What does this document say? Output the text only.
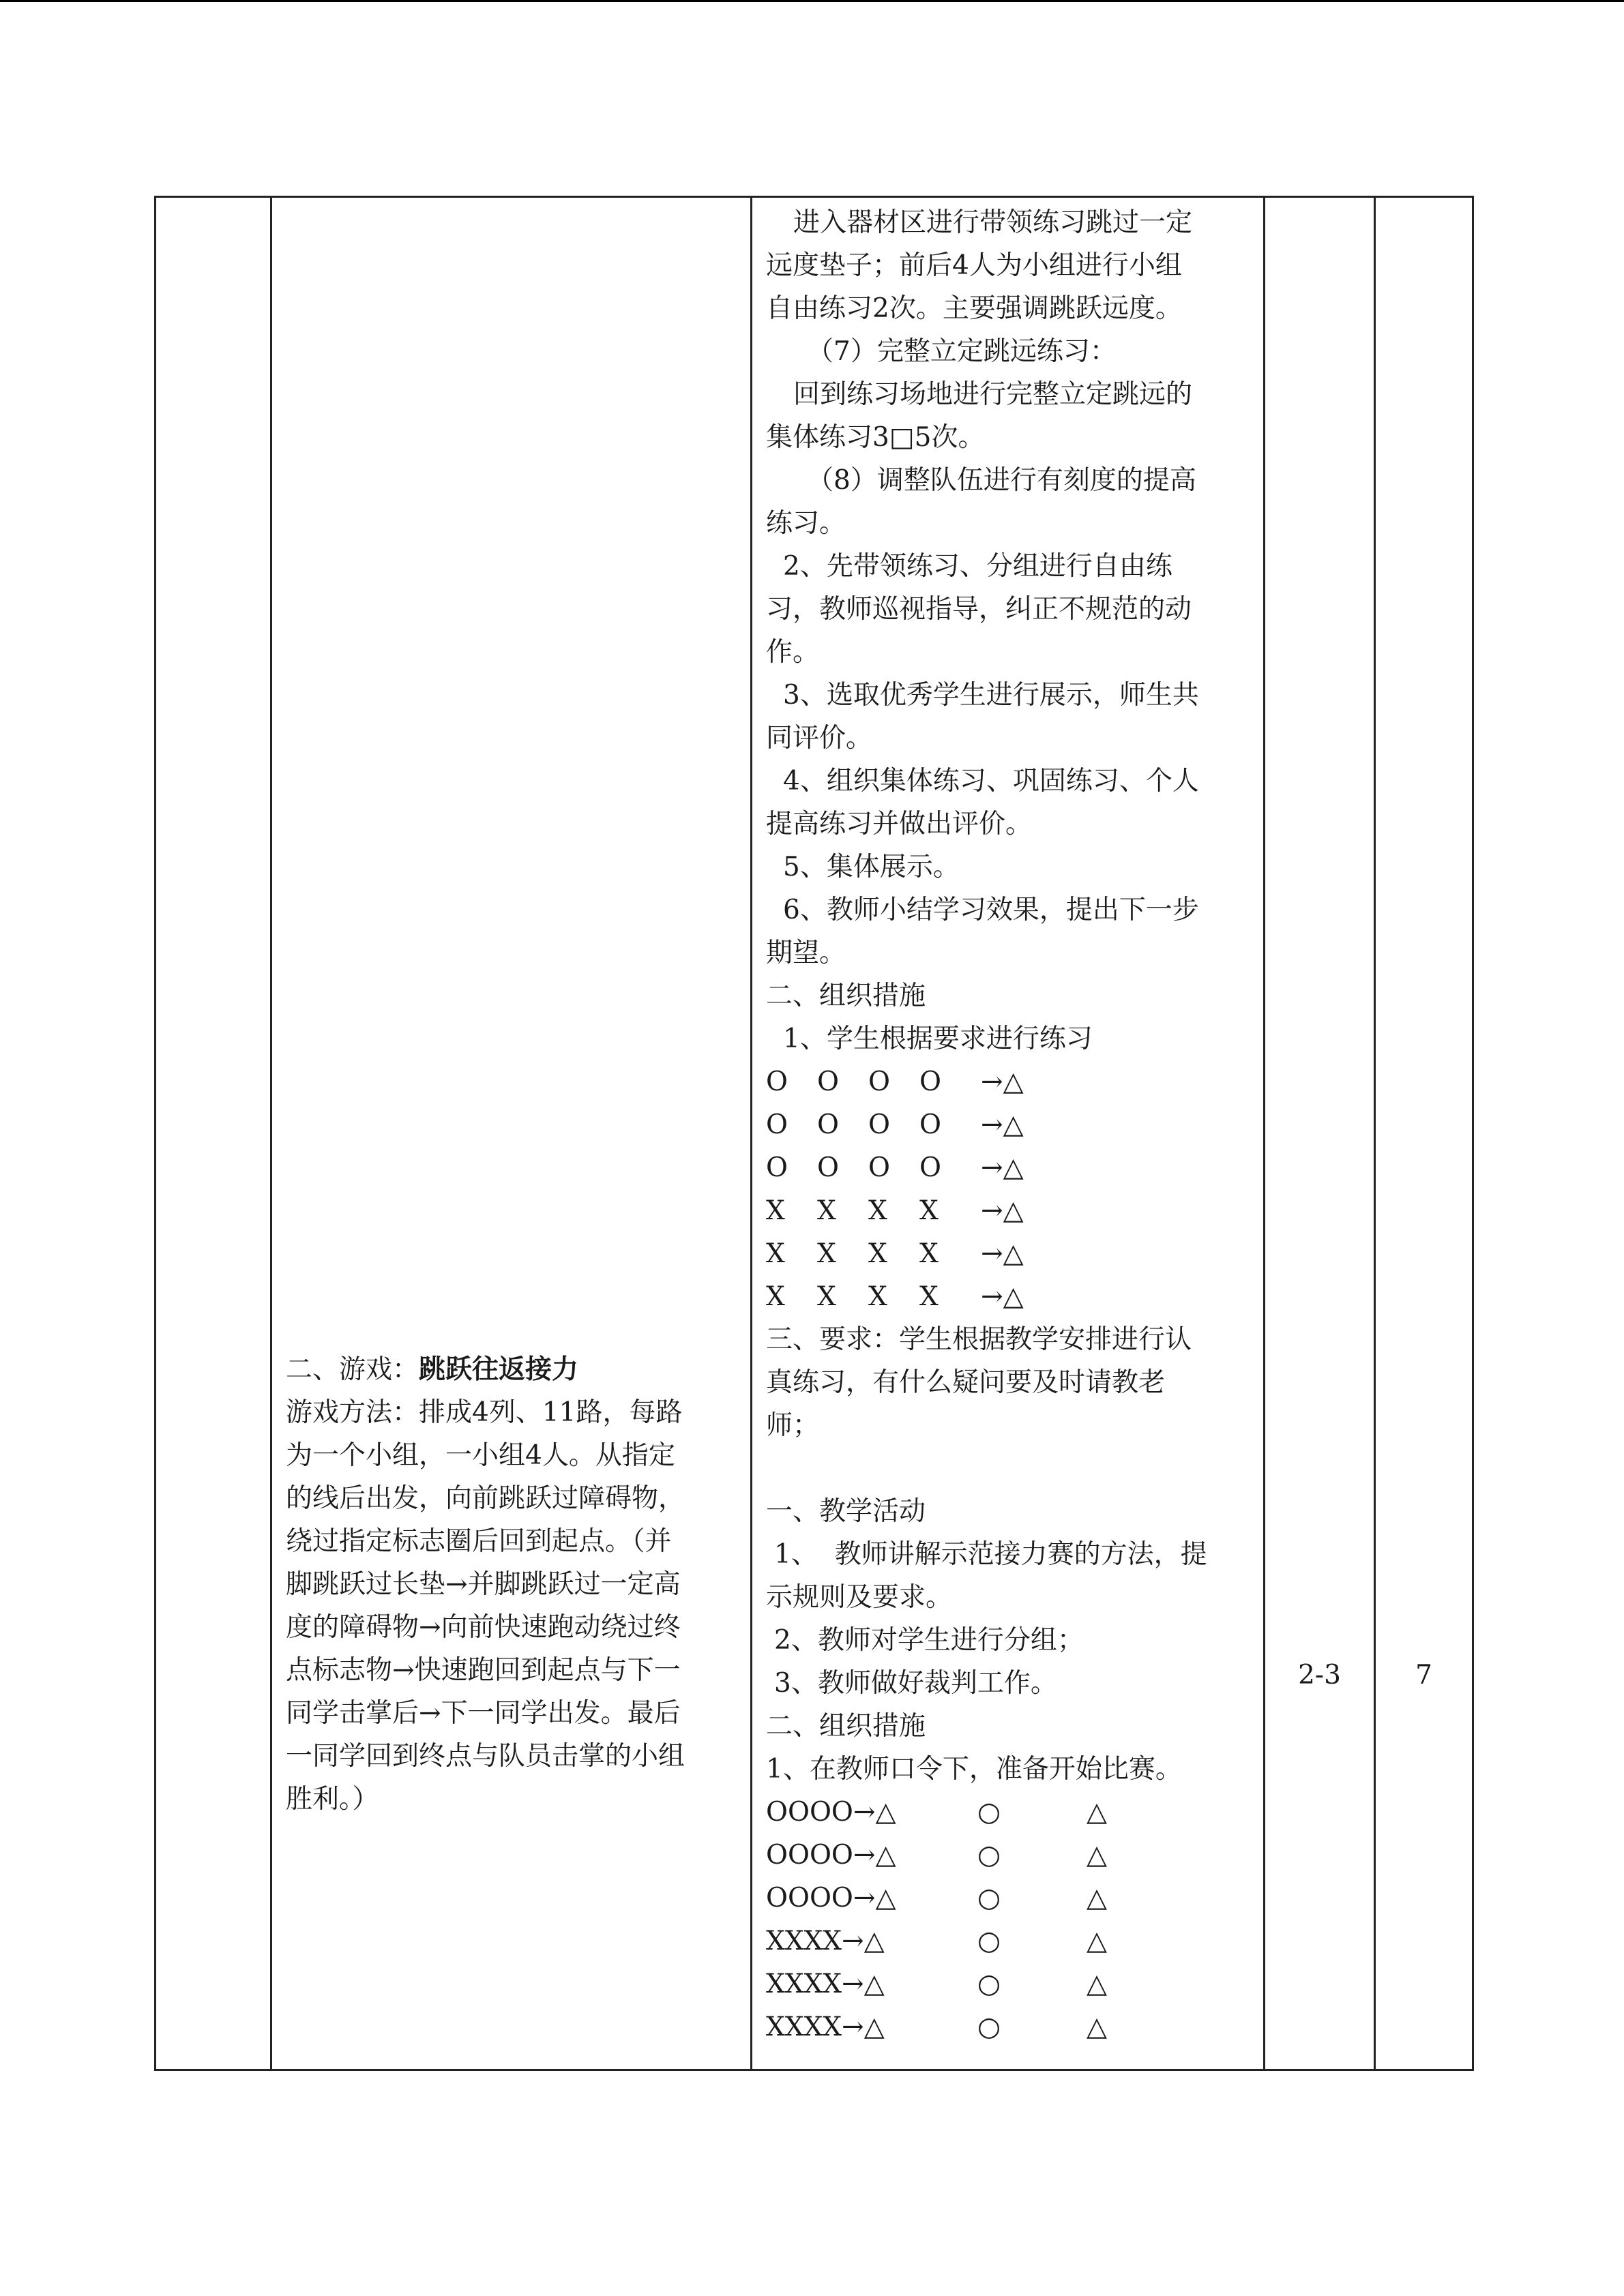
二、游戏：跳跃往返接力
游戏方法：排成4列、11路，每路
为一个小组，一小组4人。从指定
的线后出发，向前跳跃过障碍物，
绕过指定标志圈后回到起点。（并
脚跳跃过长垫→并脚跳跃过一定高
度的障碍物→向前快速跑动绕过终
点标志物→快速跑回到起点与下一
同学击掌后→下一同学出发。最后
一同学回到终点与队员击掌的小组
胜利。）

进入器材区进行带领练习跳过一定
远度垫子；前后4人为小组进行小组
自由练习2次。主要强调跳跃远度。
（7）完整立定跳远练习：
回到练习场地进行完整立定跳远的
集体练习3□5次。
（8）调整队伍进行有刻度的提高
练习。
2、先带领练习、分组进行自由练
习，教师巡视指导，纠正不规范的动
作。
3、选取优秀学生进行展示，师生共
同评价。
4、组织集体练习、巩固练习、个人
提高练习并做出评价。
5、集体展示。
6、教师小结学习效果，提出下一步
期望。
二、组织措施
1、学生根据要求进行练习
O	O	O	O	→△
O	O	O	O	→△
O	O	O	O	→△
X	X	X	X	→△
X	X	X	X	→△
X	X	X	X	→△
三、要求：学生根据教学安排进行认
真练习，有什么疑问要及时请教老
师；
一、教学活动
1、  教师讲解示范接力赛的方法，提
示规则及要求。
2、教师对学生进行分组；
3、教师做好裁判工作。
二、组织措施
1、在教师口令下，准备开始比赛。
OOOO→△	○	△
OOOO→△	○	△
OOOO→△	○	△
XXXX→△	○	△
XXXX→△	○	△
XXXX→△	○	△

2-3	7
